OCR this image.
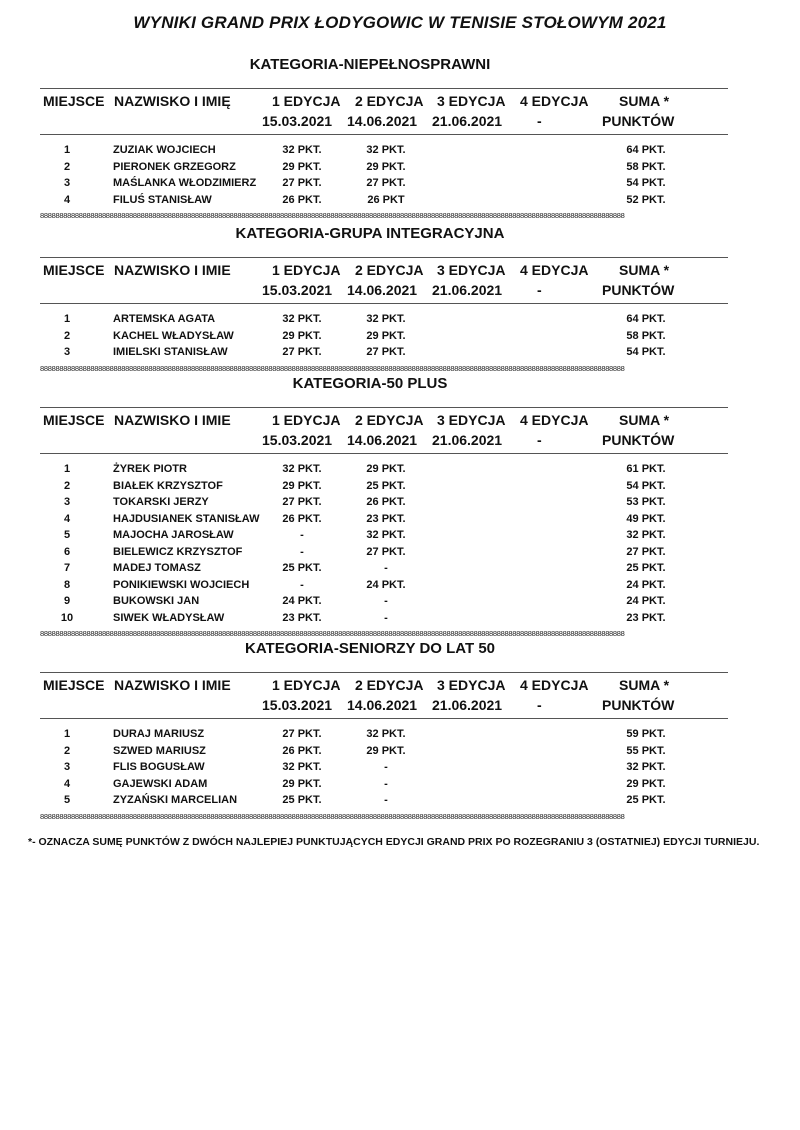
WYNIKI GRAND PRIX ŁODYGOWIC W TENISIE STOŁOWYM 2021
KATEGORIA-NIEPEŁNOSPRAWNI
MIEJSCE NAZWISKO I IMIĘ	1 EDYCJA 2 EDYCJA 3 EDYCJA 4 EDYCJA SUMA *
15.03.2021 14.06.2021 21.06.2021 -	PUNKTÓW
1	ZUZIAK WOJCIECH	32 PKT.	32 PKT.	64 PKT.
2	PIERONEK GRZEGORZ	29 PKT.	29 PKT.	58 PKT.
3	MAŚLANKA WŁODZIMIERZ	27 PKT.	27 PKT.	54 PKT.
4	FILUŚ STANISŁAW	26 PKT.	26 PKT	52 PKT.
8888888888888888888888888888888888888888888888888888888888888888888888888888888888888888888888888888888888888888888888888888888888888888888888888888888
KATEGORIA-GRUPA INTEGRACYJNA
MIEJSCE NAZWISKO I IMIE	1 EDYCJA 2 EDYCJA 3 EDYCJA 4 EDYCJA SUMA *
15.03.2021 14.06.2021 21.06.2021 -	PUNKTÓW
1	ARTEMSKA AGATA	32 PKT.	32 PKT.	64 PKT.
2	KACHEL WŁADYSŁAW	29 PKT.	29 PKT.	58 PKT.
3	IMIELSKI STANISŁAW	27 PKT.	27 PKT.	54 PKT.
8888888888888888888888888888888888888888888888888888888888888888888888888888888888888888888888888888888888888888888888888888888888888888888888888888888
KATEGORIA-50 PLUS
MIEJSCE NAZWISKO I IMIE	1 EDYCJA 2 EDYCJA 3 EDYCJA 4 EDYCJA SUMA *
15.03.2021 14.06.2021 21.06.2021 -	PUNKTÓW
1	ŻYREK PIOTR	32 PKT.	29 PKT.	61 PKT.
2	BIAŁEK KRZYSZTOF	29 PKT.	25 PKT.	54 PKT.
3	TOKARSKI JERZY	27 PKT.	26 PKT.	53 PKT.
4	HAJDUSIANEK STANISŁAW	26 PKT.	23 PKT.	49 PKT.
5	MAJOCHA JAROSŁAW	-	32 PKT.	32 PKT.
6	BIELEWICZ KRZYSZTOF	-	27 PKT.	27 PKT.
7	MADEJ TOMASZ	25 PKT.	-	25 PKT.
8	PONIKIEWSKI WOJCIECH	-	24 PKT.	24 PKT.
9	BUKOWSKI JAN	24 PKT.	-	24 PKT.
10	SIWEK WŁADYSŁAW	23 PKT.	-	23 PKT.
8888888888888888888888888888888888888888888888888888888888888888888888888888888888888888888888888888888888888888888888888888888888888888888888888888888
KATEGORIA-SENIORZY DO LAT 50
MIEJSCE NAZWISKO I IMIE	1 EDYCJA 2 EDYCJA 3 EDYCJA 4 EDYCJA SUMA *
15.03.2021 14.06.2021 21.06.2021 -	PUNKTÓW
1	DURAJ MARIUSZ	27 PKT.	32 PKT.	59 PKT.
2	SZWED MARIUSZ	26 PKT.	29 PKT.	55 PKT.
3	FLIS BOGUSŁAW	32 PKT.	-	32 PKT.
4	GAJEWSKI ADAM	29 PKT.	-	29 PKT.
5	ZYZAŃSKI MARCELIAN	25 PKT.	-	25 PKT.
8888888888888888888888888888888888888888888888888888888888888888888888888888888888888888888888888888888888888888888888888888888888888888888888888888888
*- OZNACZA SUMĘ PUNKTÓW Z DWÓCH NAJLEPIEJ PUNKTUJĄCYCH EDYCJI GRAND PRIX PO ROZEGRANIU 3 (OSTATNIEJ) EDYCJI TURNIEJU.
